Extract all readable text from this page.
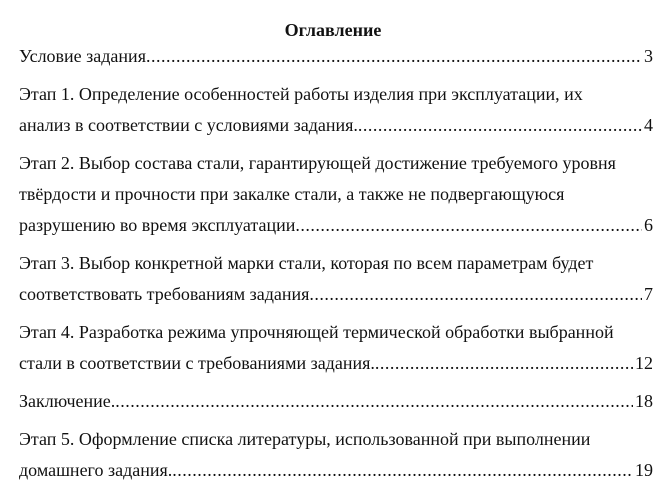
Оглавление
Условие задания .....	3
Этап 1. Определение особенностей работы изделия при эксплуатации, их
анализ в соответствии с условиями задания. .....	4
Этап 2. Выбор состава стали, гарантирующей достижение требуемого уровня
твёрдости и прочности при закалке стали, а также не подвергающуюся
разрушению во время эксплуатации .....	6
Этап 3. Выбор конкретной марки стали, которая по всем параметрам будет
соответствовать требованиям задания .....	7
Этап 4. Разработка режима упрочняющей термической обработки выбранной
стали в соответствии с требованиями задания. .....	12
Заключение. .....	18
Этап 5. Оформление списка литературы, использованной при выполнении
домашнего задания. .....	19
